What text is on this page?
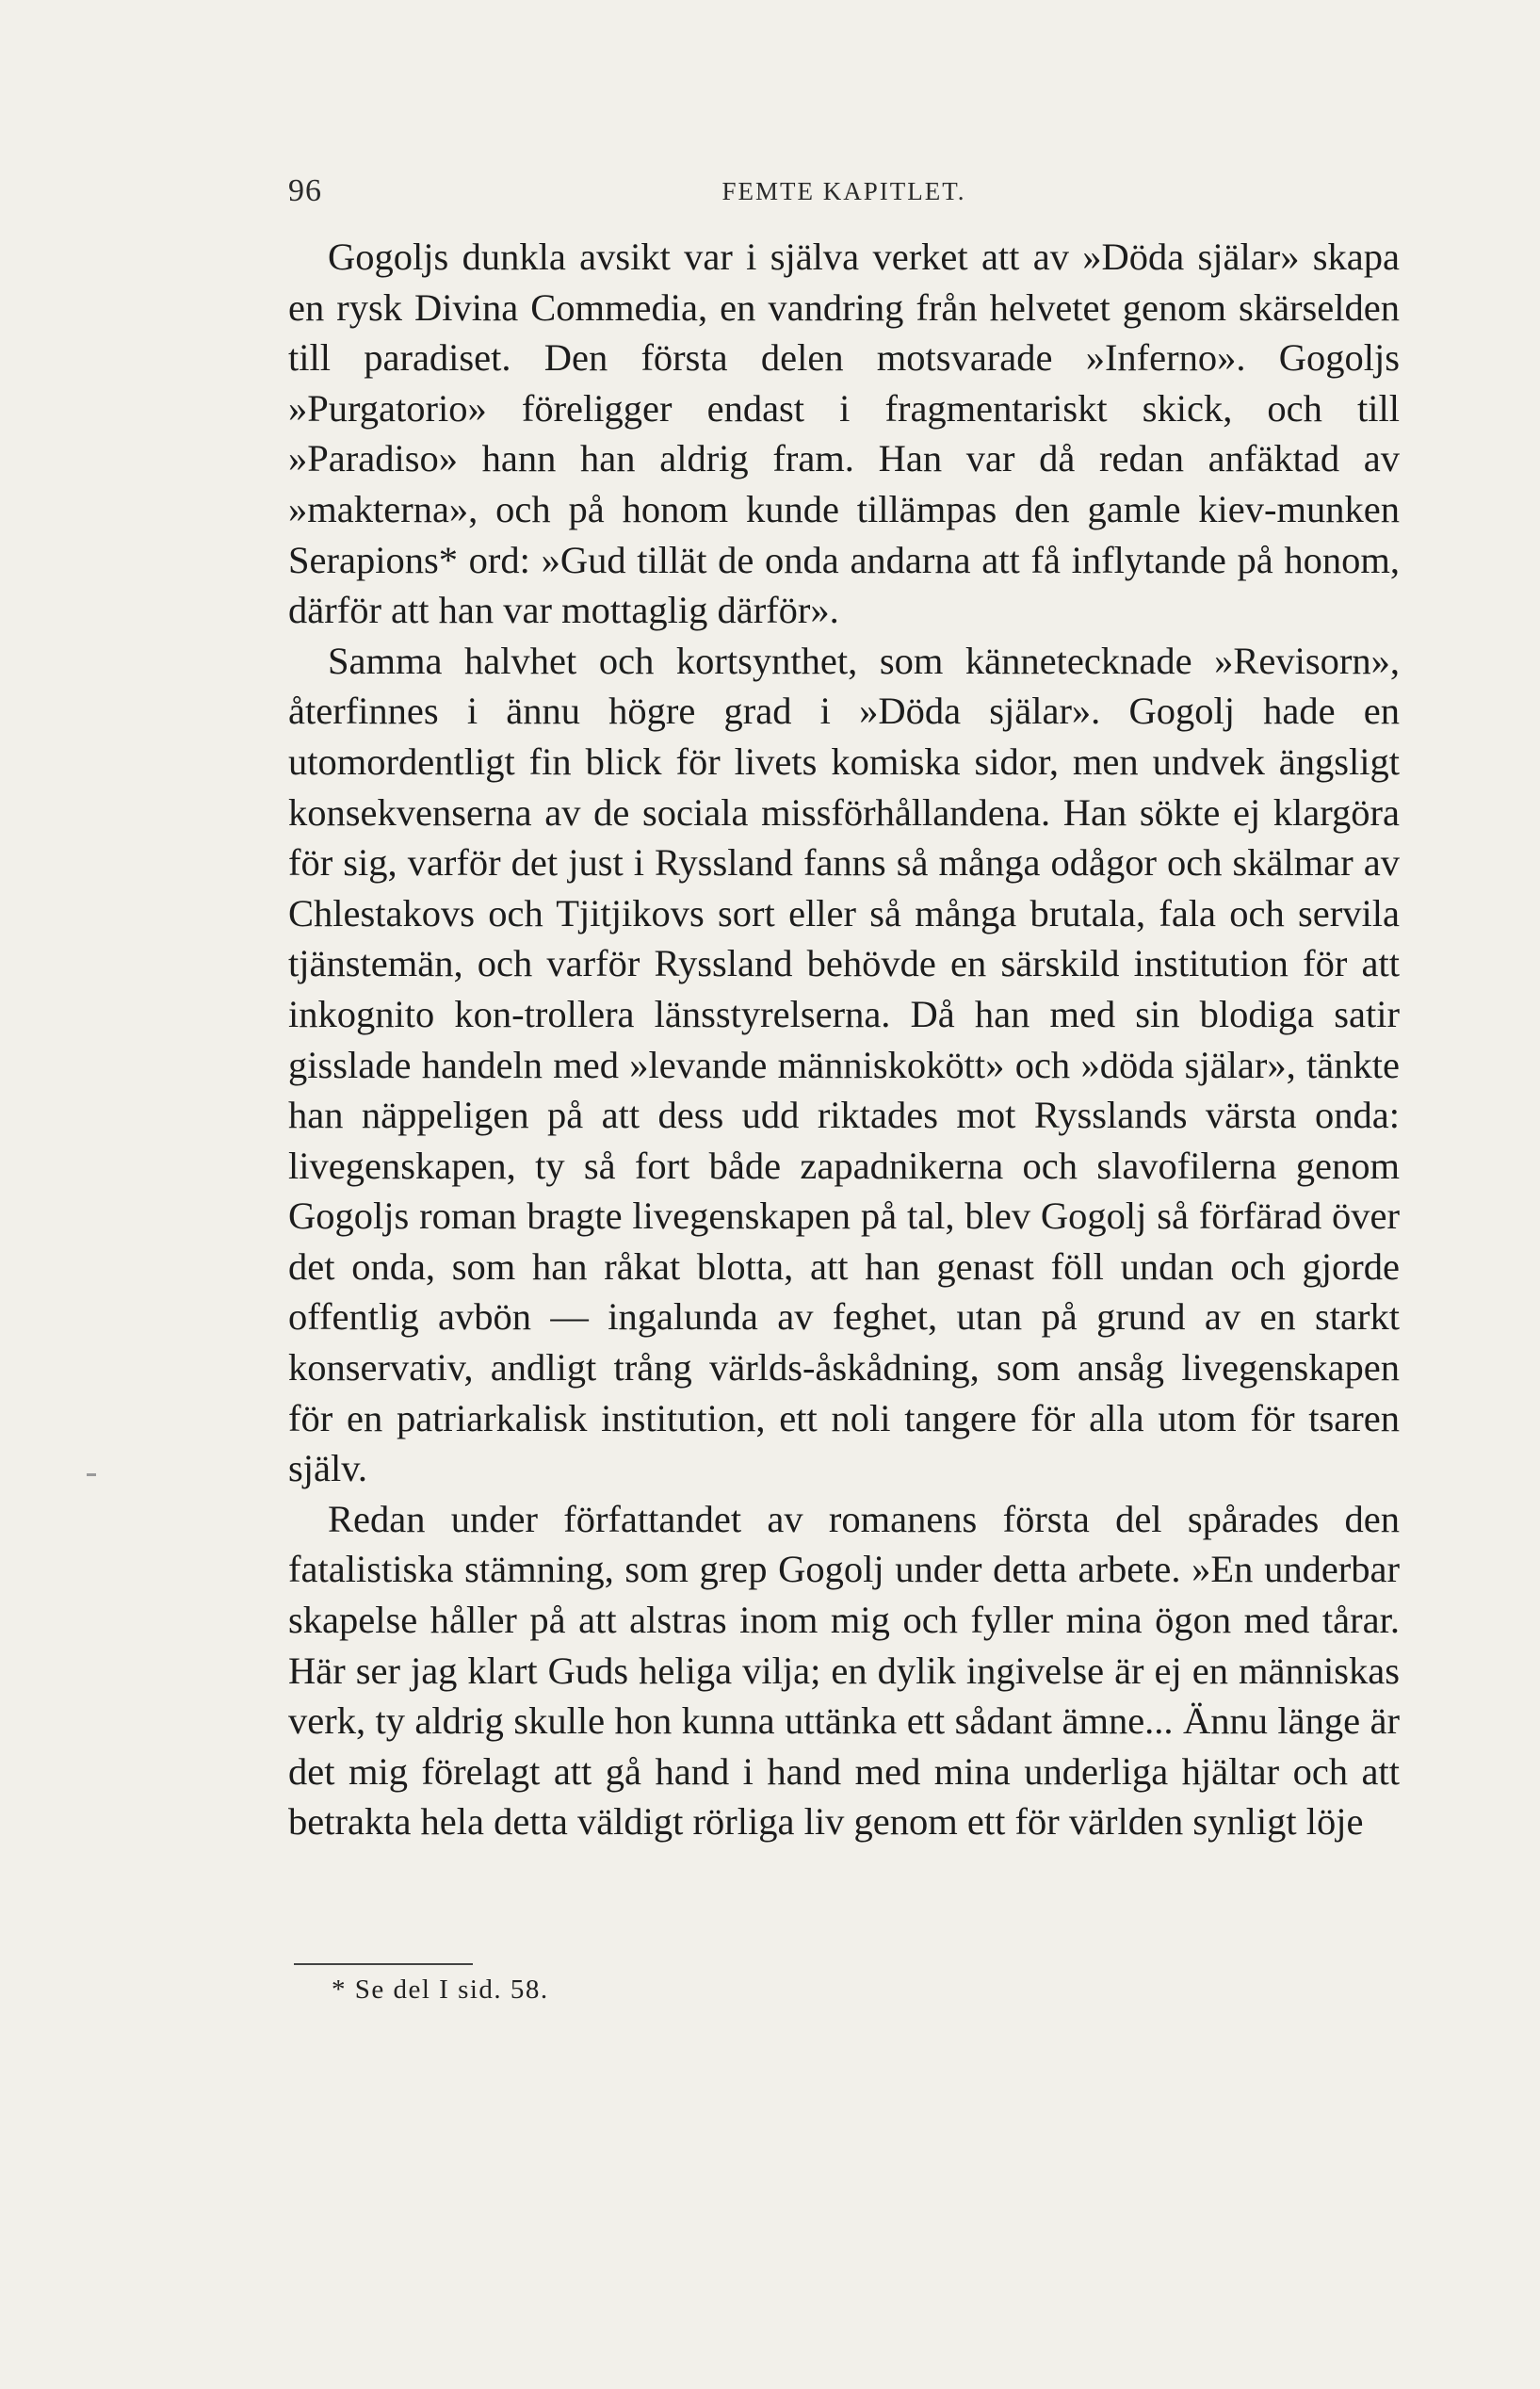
96	FEMTE KAPITLET.

Gogoljs dunkla avsikt var i själva verket att av »Döda själar» skapa en rysk Divina Commedia, en vandring från helvetet genom skärselden till paradiset. Den första delen motsvarade »Inferno». Gogoljs »Purgatorio» föreligger endast i fragmentariskt skick, och till »Paradiso» hann han aldrig fram. Han var då redan anfäktad av »makterna», och på honom kunde tillämpas den gamle kiev-munken Serapions* ord: »Gud tillät de onda andarna att få inflytande på honom, därför att han var mottaglig därför».

Samma halvhet och kortsynthet, som kännetecknade »Revisorn», återfinnes i ännu högre grad i »Döda själar». Gogolj hade en utomordentligt fin blick för livets komiska sidor, men undvek ängsligt konsekvenserna av de sociala missförhållandena. Han sökte ej klargöra för sig, varför det just i Ryssland fanns så många odågor och skälmar av Chlestakovs och Tjitjikovs sort eller så många brutala, fala och servila tjänstemän, och varför Ryssland behövde en särskild institution för att inkognito kon-trollera länsstyrelserna. Då han med sin blodiga satir gisslade handeln med »levande människokött» och »döda själar», tänkte han näppeligen på att dess udd riktades mot Rysslands värsta onda: livegenskapen, ty så fort både zapadnikerna och slavofilerna genom Gogoljs roman bragte livegenskapen på tal, blev Gogolj så förfärad över det onda, som han råkat blotta, att han genast föll undan och gjorde offentlig avbön — ingalunda av feghet, utan på grund av en starkt konservativ, andligt trång världs-åskådning, som ansåg livegenskapen för en patriarkalisk institution, ett noli tangere för alla utom för tsaren själv.

Redan under författandet av romanens första del spårades den fatalistiska stämning, som grep Gogolj under detta arbete. »En underbar skapelse håller på att alstras inom mig och fyller mina ögon med tårar. Här ser jag klart Guds heliga vilja; en dylik ingivelse är ej en människas verk, ty aldrig skulle hon kunna uttänka ett sådant ämne... Ännu länge är det mig förelagt att gå hand i hand med mina underliga hjältar och att betrakta hela detta väldigt rörliga liv genom ett för världen synligt löje

* Se del I sid. 58.
